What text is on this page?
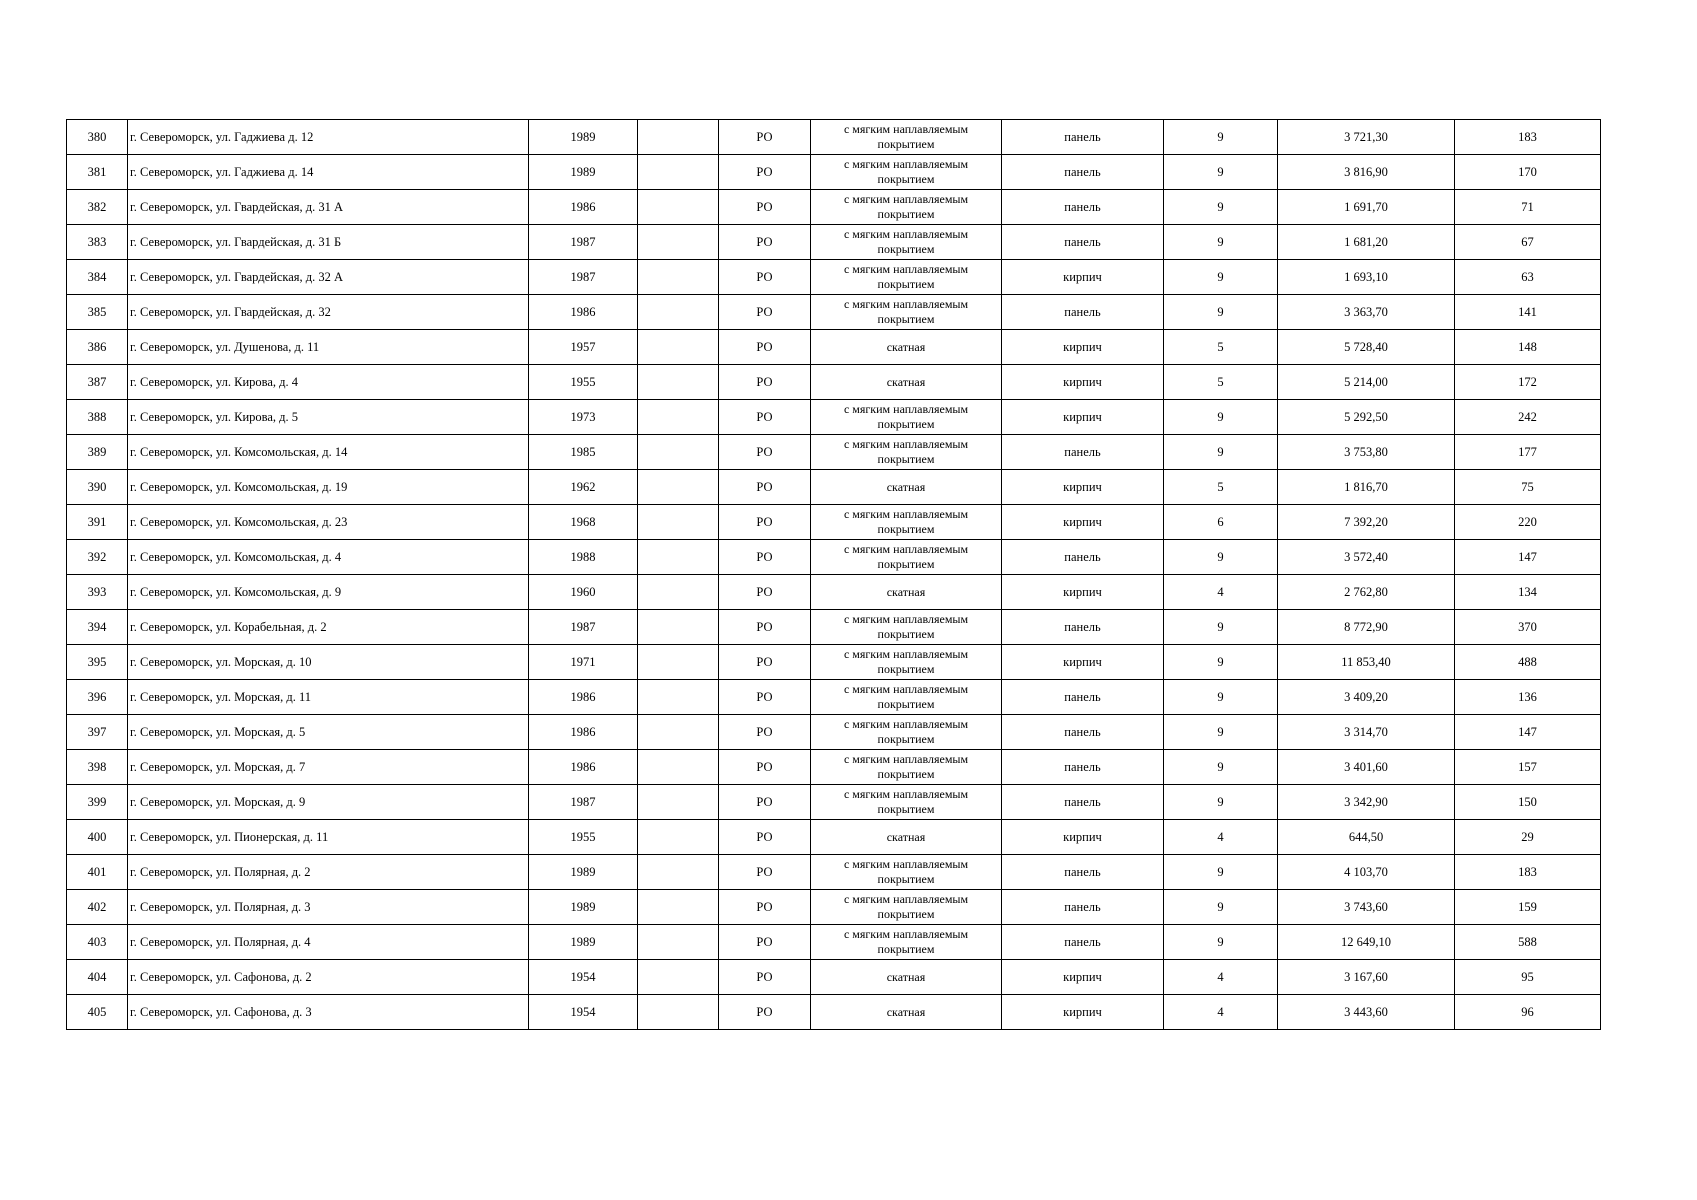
380	г. Североморск, ул. Гаджиева д. 12	1989		РО	с мягким наплавляемым покрытием	панель	9	3 721,30	183
381	г. Североморск, ул. Гаджиева д. 14	1989		РО	с мягким наплавляемым покрытием	панель	9	3 816,90	170
382	г. Североморск, ул. Гвардейская, д. 31 А	1986		РО	с мягким наплавляемым покрытием	панель	9	1 691,70	71
383	г. Североморск, ул. Гвардейская, д. 31 Б	1987		РО	с мягким наплавляемым покрытием	панель	9	1 681,20	67
384	г. Североморск, ул. Гвардейская, д. 32 А	1987		РО	с мягким наплавляемым покрытием	кирпич	9	1 693,10	63
385	г. Североморск, ул. Гвардейская, д. 32	1986		РО	с мягким наплавляемым покрытием	панель	9	3 363,70	141
386	г. Североморск, ул. Душенова, д. 11	1957		РО	скатная	кирпич	5	5 728,40	148
387	г. Североморск, ул. Кирова, д. 4	1955		РО	скатная	кирпич	5	5 214,00	172
388	г. Североморск, ул. Кирова, д. 5	1973		РО	с мягким наплавляемым покрытием	кирпич	9	5 292,50	242
389	г. Североморск, ул. Комсомольская, д. 14	1985		РО	с мягким наплавляемым покрытием	панель	9	3 753,80	177
390	г. Североморск, ул. Комсомольская, д. 19	1962		РО	скатная	кирпич	5	1 816,70	75
391	г. Североморск, ул. Комсомольская, д. 23	1968		РО	с мягким наплавляемым покрытием	кирпич	6	7 392,20	220
392	г. Североморск, ул. Комсомольская, д. 4	1988		РО	с мягким наплавляемым покрытием	панель	9	3 572,40	147
393	г. Североморск, ул. Комсомольская, д. 9	1960		РО	скатная	кирпич	4	2 762,80	134
394	г. Североморск, ул. Корабельная, д. 2	1987		РО	с мягким наплавляемым покрытием	панель	9	8 772,90	370
395	г. Североморск, ул. Морская, д. 10	1971		РО	с мягким наплавляемым покрытием	кирпич	9	11 853,40	488
396	г. Североморск, ул. Морская, д. 11	1986		РО	с мягким наплавляемым покрытием	панель	9	3 409,20	136
397	г. Североморск, ул. Морская, д. 5	1986		РО	с мягким наплавляемым покрытием	панель	9	3 314,70	147
398	г. Североморск, ул. Морская, д. 7	1986		РО	с мягким наплавляемым покрытием	панель	9	3 401,60	157
399	г. Североморск, ул. Морская, д. 9	1987		РО	с мягким наплавляемым покрытием	панель	9	3 342,90	150
400	г. Североморск, ул. Пионерская, д. 11	1955		РО	скатная	кирпич	4	644,50	29
401	г. Североморск, ул. Полярная, д. 2	1989		РО	с мягким наплавляемым покрытием	панель	9	4 103,70	183
402	г. Североморск, ул. Полярная, д. 3	1989		РО	с мягким наплавляемым покрытием	панель	9	3 743,60	159
403	г. Североморск, ул. Полярная, д. 4	1989		РО	с мягким наплавляемым покрытием	панель	9	12 649,10	588
404	г. Североморск, ул. Сафонова, д. 2	1954		РО	скатная	кирпич	4	3 167,60	95
405	г. Североморск, ул. Сафонова, д. 3	1954		РО	скатная	кирпич	4	3 443,60	96
